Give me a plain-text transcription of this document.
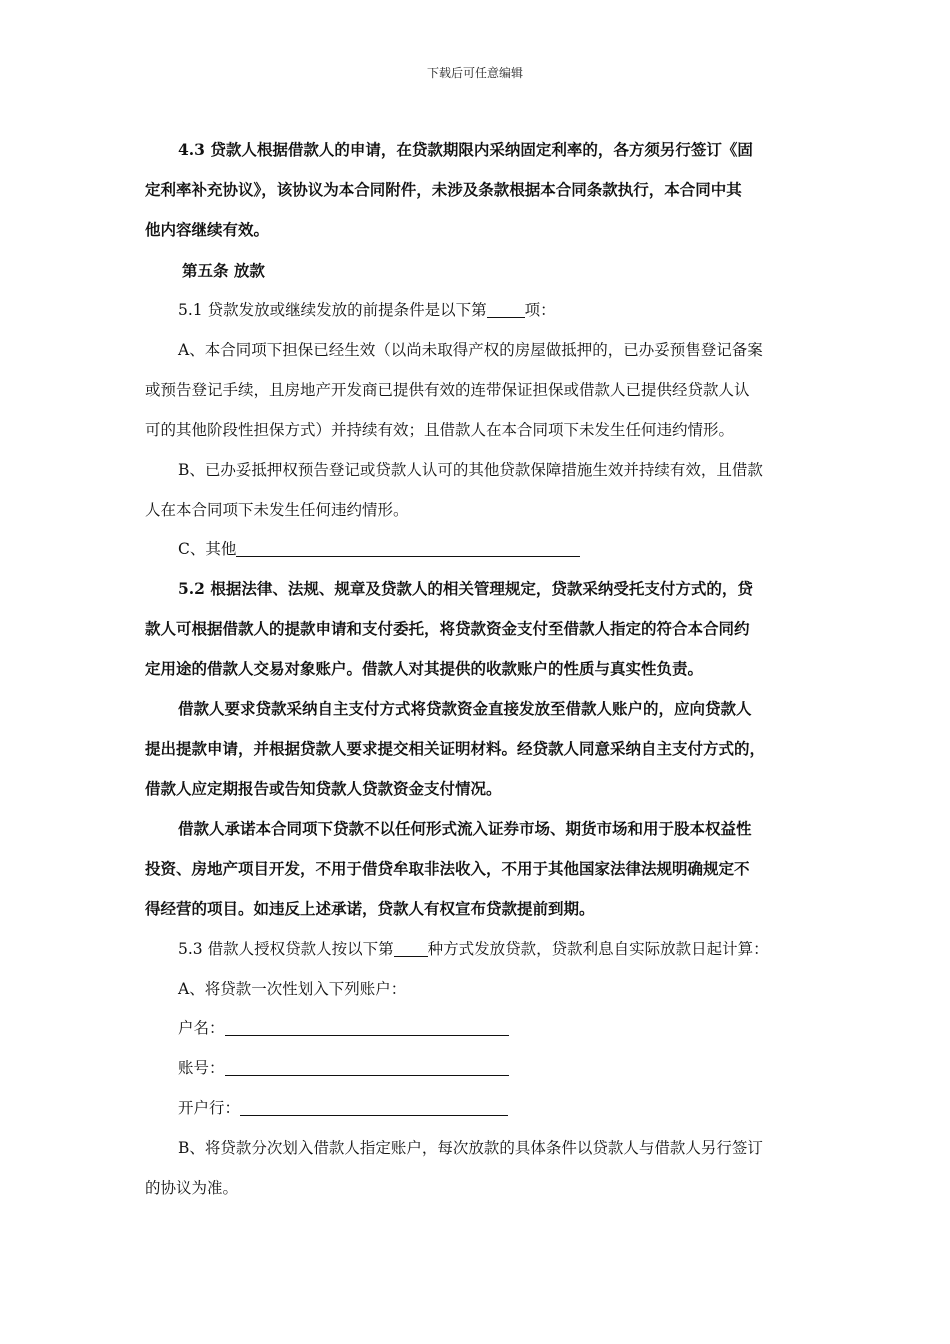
下载后可任意编辑
4.3 贷款人根据借款人的申请，在贷款期限内采纳固定利率的，各方须另行签订《固
定利率补充协议》，该协议为本合同附件，未涉及条款根据本合同条款执行，本合同中其
他内容继续有效。
第五条 放款
5.1 贷款发放或继续发放的前提条件是以下第 项：
A、本合同项下担保已经生效（以尚未取得产权的房屋做抵押的，已办妥预售登记备案
或预告登记手续，且房地产开发商已提供有效的连带保证担保或借款人已提供经贷款人认
可的其他阶段性担保方式）并持续有效；且借款人在本合同项下未发生任何违约情形。
B、已办妥抵押权预告登记或贷款人认可的其他贷款保障措施生效并持续有效，且借款
人在本合同项下未发生任何违约情形。
C、其他
5.2 根据法律、法规、规章及贷款人的相关管理规定，贷款采纳受托支付方式的，贷
款人可根据借款人的提款申请和支付委托，将贷款资金支付至借款人指定的符合本合同约
定用途的借款人交易对象账户。借款人对其提供的收款账户的性质与真实性负责。
借款人要求贷款采纳自主支付方式将贷款资金直接发放至借款人账户的，应向贷款人
提出提款申请，并根据贷款人要求提交相关证明材料。经贷款人同意采纳自主支付方式的，
借款人应定期报告或告知贷款人贷款资金支付情况。
借款人承诺本合同项下贷款不以任何形式流入证券市场、期货市场和用于股本权益性
投资、房地产项目开发，不用于借贷牟取非法收入，不用于其他国家法律法规明确规定不
得经营的项目。如违反上述承诺，贷款人有权宣布贷款提前到期。
5.3 借款人授权贷款人按以下第 种方式发放贷款，贷款利息自实际放款日起计算：
A、将贷款一次性划入下列账户：
户名：
账号：
开户行：
B、将贷款分次划入借款人指定账户，每次放款的具体条件以贷款人与借款人另行签订
的协议为准。
